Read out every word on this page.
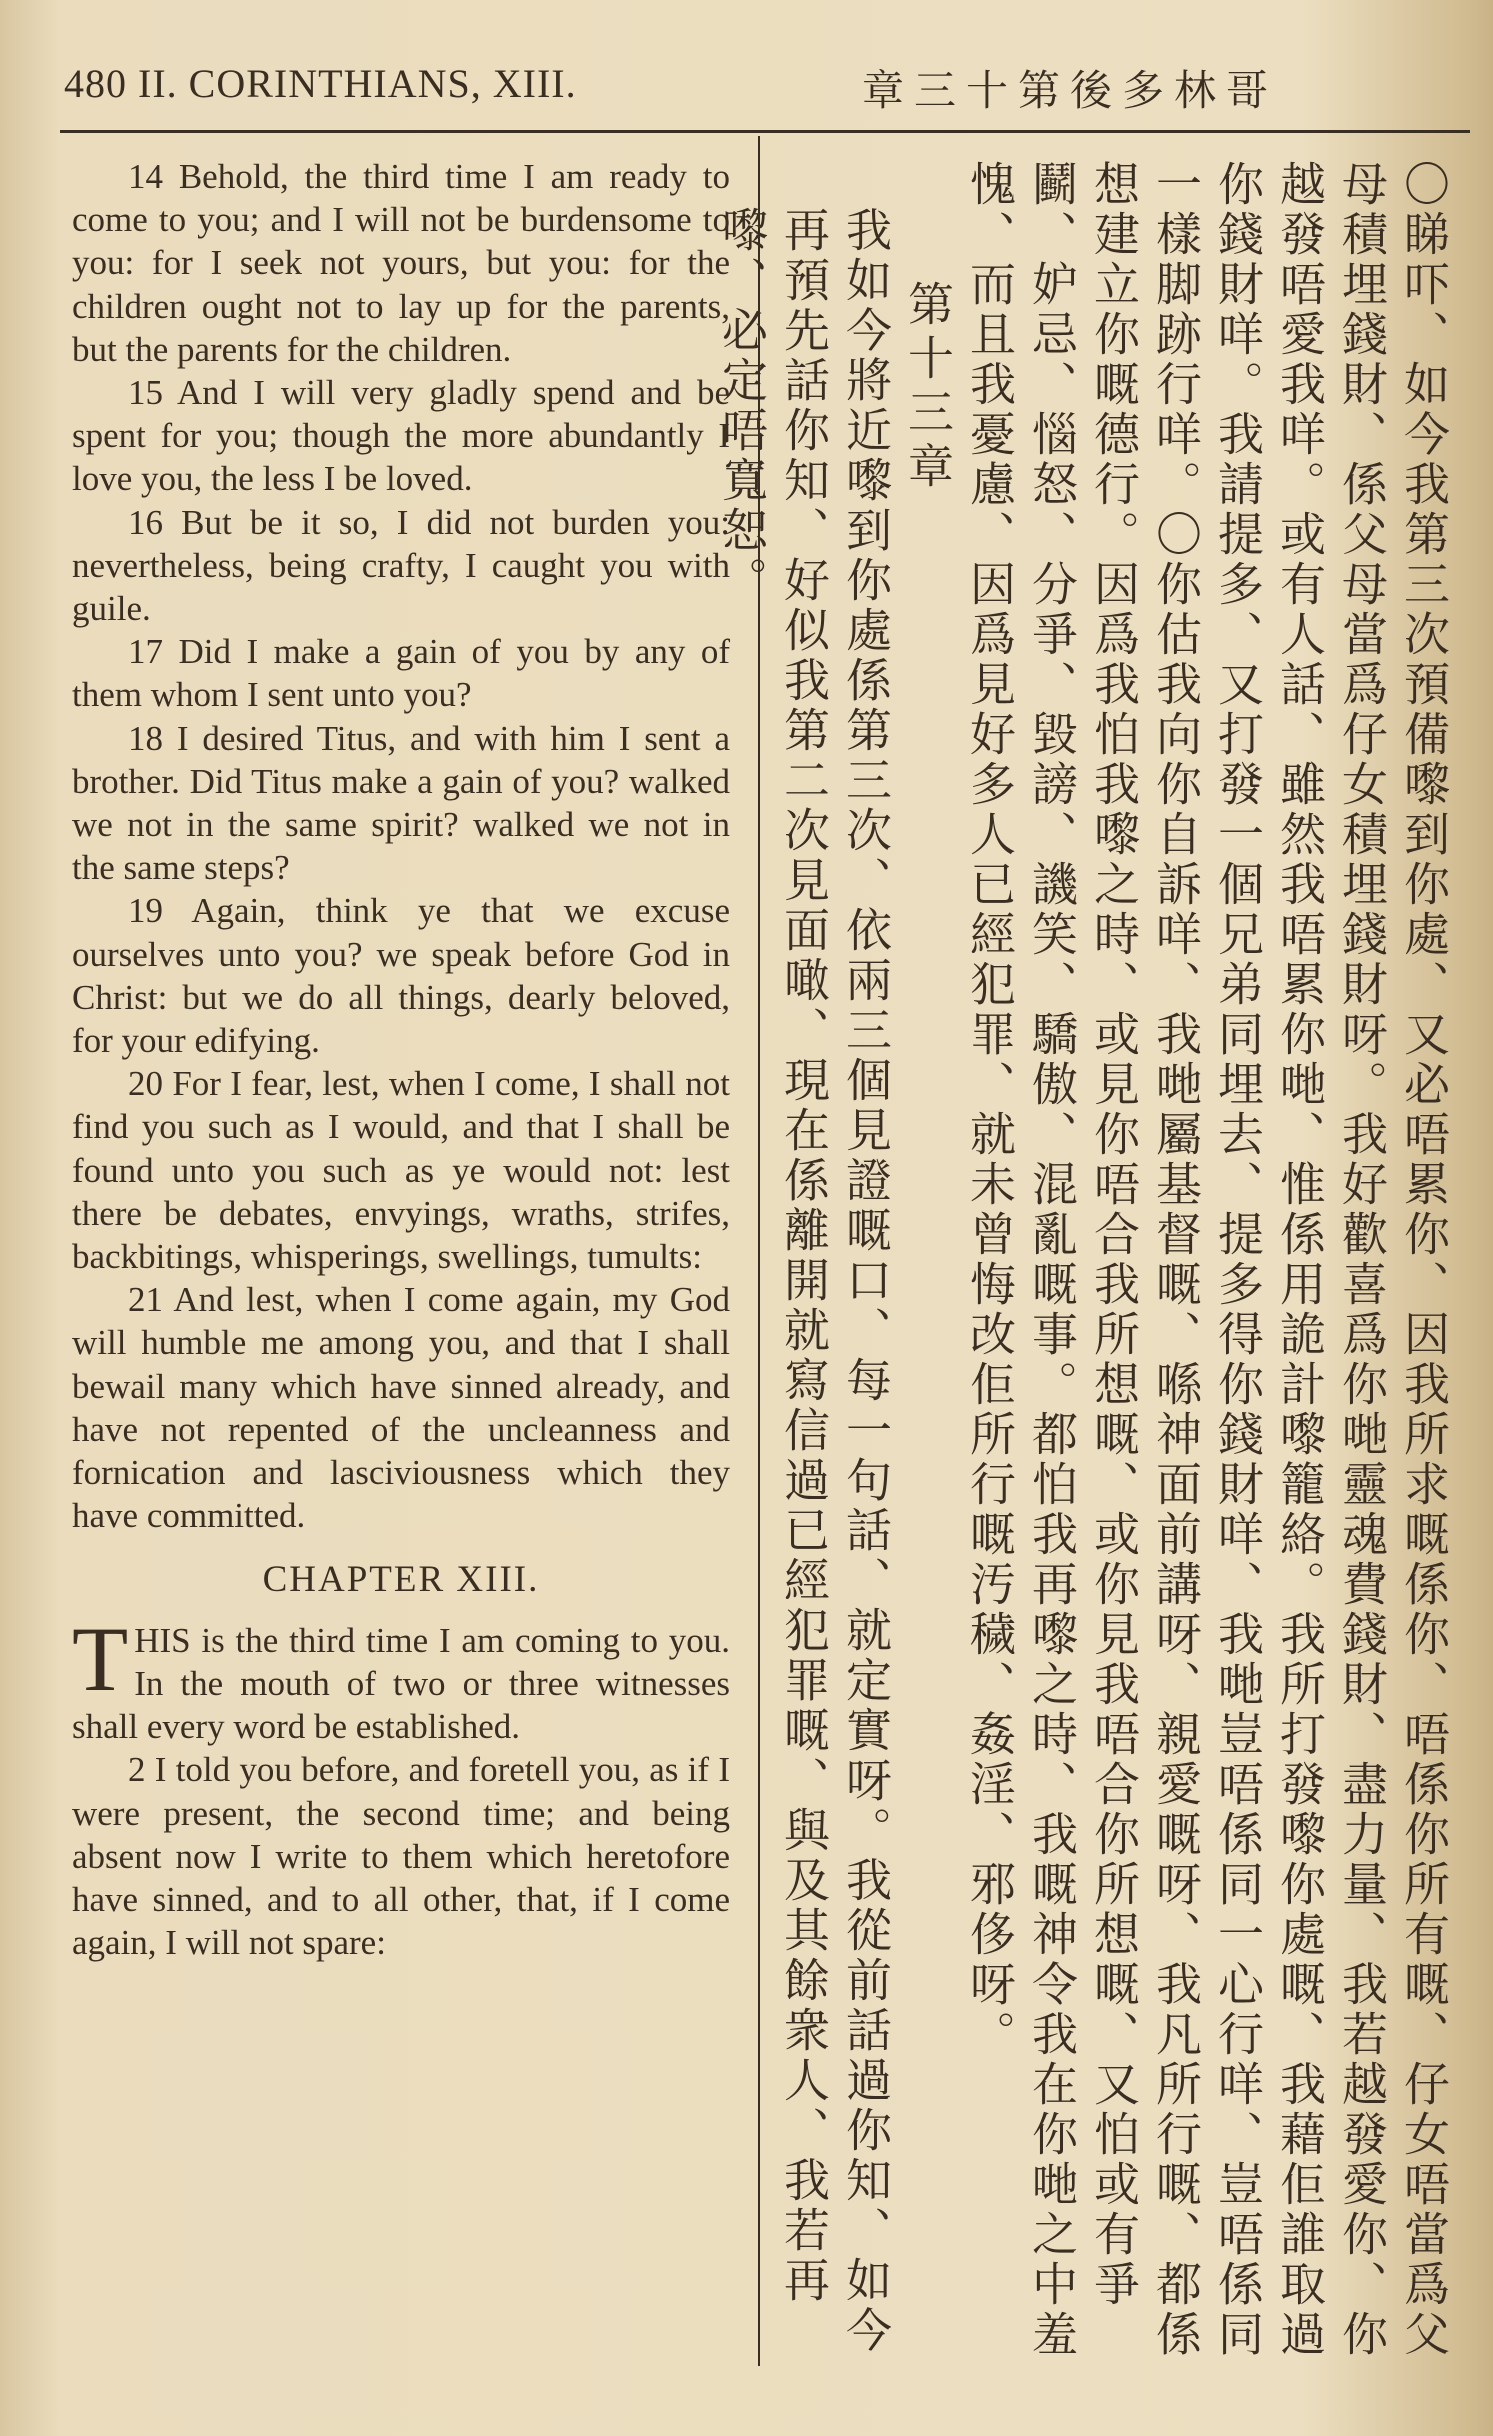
480 II. CORINTHIANS, XIII.	章三十第後多林哥

14 Behold, the third time I am ready to come to you; and I will not be burdensome to you: for I seek not yours, but you: for the children ought not to lay up for the parents, but the parents for the children.

15 And I will very gladly spend and be spent for you; though the more abundantly I love you, the less I be loved.

16 But be it so, I did not burden you: nevertheless, being crafty, I caught you with guile.

17 Did I make a gain of you by any of them whom I sent unto you?

18 I desired Titus, and with him I sent a brother. Did Titus make a gain of you? walked we not in the same spirit? walked we not in the same steps?

19 Again, think ye that we excuse ourselves unto you? we speak before God in Christ: but we do all things, dearly beloved, for your edifying.

20 For I fear, lest, when I come, I shall not find you such as I would, and that I shall be found unto you such as ye would not: lest there be debates, envyings, wraths, strifes, backbitings, whisperings, swellings, tumults:

21 And lest, when I come again, my God will humble me among you, and that I shall bewail many which have sinned already, and have not repented of the uncleanness and fornication and lasciviousness which they have committed.

CHAPTER XIII.

THIS is the third time I am coming to you. In the mouth of two or three witnesses shall every word be established.

2 I told you before, and foretell you, as if I were present, the second time; and being absent now I write to them which heretofore have sinned, and to all other, that, if I come again, I will not spare:	〇睇吓、如今我第三次預備嚟到你處、又必唔累你、因我所求嘅係你、唔係你所有嘅、仔女唔當爲父母積埋錢財、係父母當爲仔女積埋錢財呀。我好歡喜爲你哋靈魂費錢財、盡力量、我若越發愛你、你越發唔愛我咩。或有人話、雖然我唔累你哋、惟係用詭計嚟籠絡。我所打發嚟你處嘅、我藉佢誰取過你錢財咩。我請提多、又打發一個兄弟同埋去、提多得你錢財咩、我哋豈唔係同一心行咩、豈唔係同一樣脚跡行咩。〇你估我向你自訴咩、我哋屬基督嘅、喺神面前講呀、親愛嘅呀、我凡所行嘅、都係想建立你嘅德行。因爲我怕我嚟之時、或見你唔合我所想嘅、或你見我唔合你所想嘅、又怕或有爭鬬、妒忌、惱怒、分爭、毀謗、譏笑、驕傲、混亂嘅事。都怕我再嚟之時、我嘅神令我在你哋之中羞愧、而且我憂慮、因爲見好多人已經犯罪、就未曾悔改佢所行嘅汚穢、姦淫、邪侈呀。

第十三章

我如今將近嚟到你處係第三次、依兩三個見證嘅口、每一句話、就定實呀。我從前話過你知、如今再預先話你知、好似我第二次見面噉、現在係離開就寫信過已經犯罪嘅、與及其餘衆人、我若再嚟、必定唔寬恕。
